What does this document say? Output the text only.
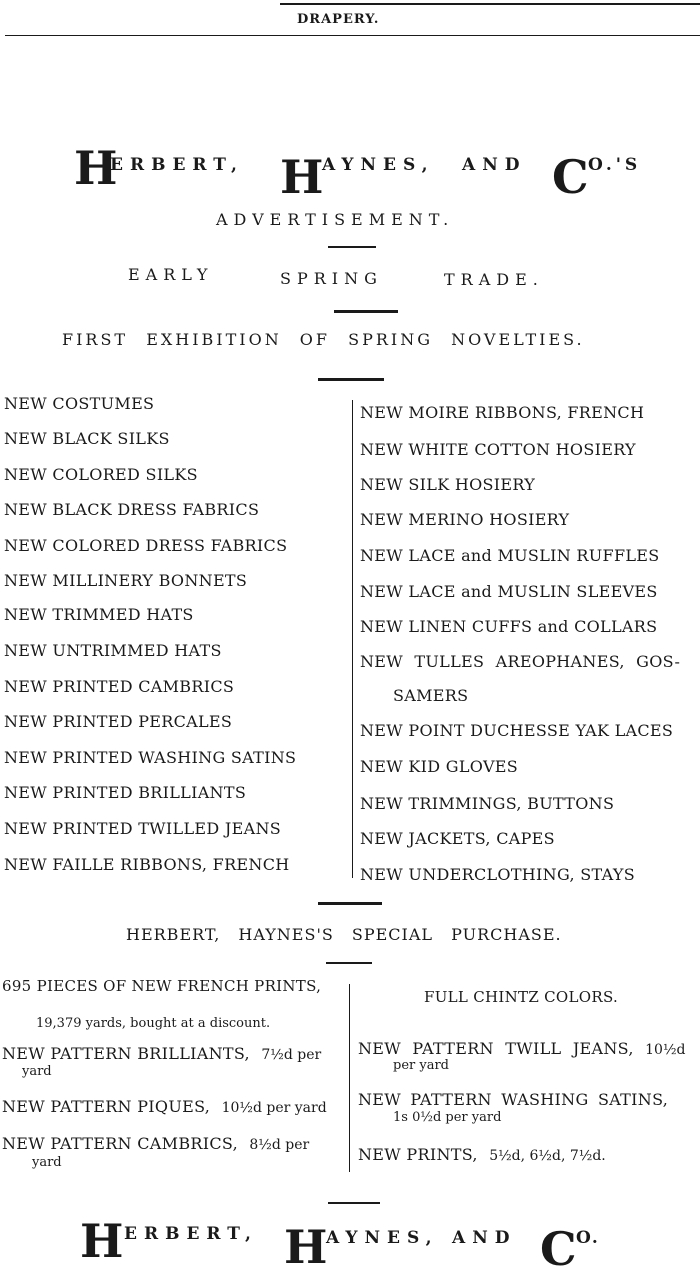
DRAPERY.
H
ERBERT, H
AYNES, AND C O.'S
ADVERTISEMENT.
EARLY	SPRING	TRADE.
FIRST EXHIBITION OF SPRING NOVELTIES.
NEW COSTUMES
NEW BLACK SILKS
NEW COLORED SILKS
NEW BLACK DRESS FABRICS
NEW COLORED DRESS FABRICS
NEW MILLINERY BONNETS
NEW TRIMMED HATS
NEW UNTRIMMED HATS
NEW PRINTED CAMBRICS
NEW PRINTED PERCALES
NEW PRINTED WASHING SATINS
NEW PRINTED BRILLIANTS
NEW PRINTED TWILLED JEANS
NEW FAILLE RIBBONS, FRENCH
NEW MOIRE RIBBONS, FRENCH
NEW WHITE COTTON HOSIERY
NEW SILK HOSIERY
NEW MERINO HOSIERY
NEW LACE and MUSLIN RUFFLES
NEW LACE and MUSLIN SLEEVES
NEW LINEN CUFFS and COLLARS
NEW TULLES AREOPHANES, GOS-
SAMERS
NEW POINT DUCHESSE YAK LACES
NEW KID GLOVES
NEW TRIMMINGS, BUTTONS
NEW JACKETS, CAPES
NEW UNDERCLOTHING, STAYS
HERBERT, HAYNES'S SPECIAL PURCHASE.
695 PIECES OF NEW FRENCH PRINTS,
19,379 yards, bought at a discount.
NEW PATTERN BRILLIANTS, 7½d per
yard
NEW PATTERN PIQUES, 10½d per yard
NEW PATTERN CAMBRICS, 8½d per
yard
FULL CHINTZ COLORS.
NEW PATTERN TWILL JEANS, 10½d
per yard
NEW PATTERN WASHING SATINS,
1s 0½d per yard
NEW PRINTS, 5½d, 6½d, 7½d.
H ERBERT, H
AYNES, AND C O.
